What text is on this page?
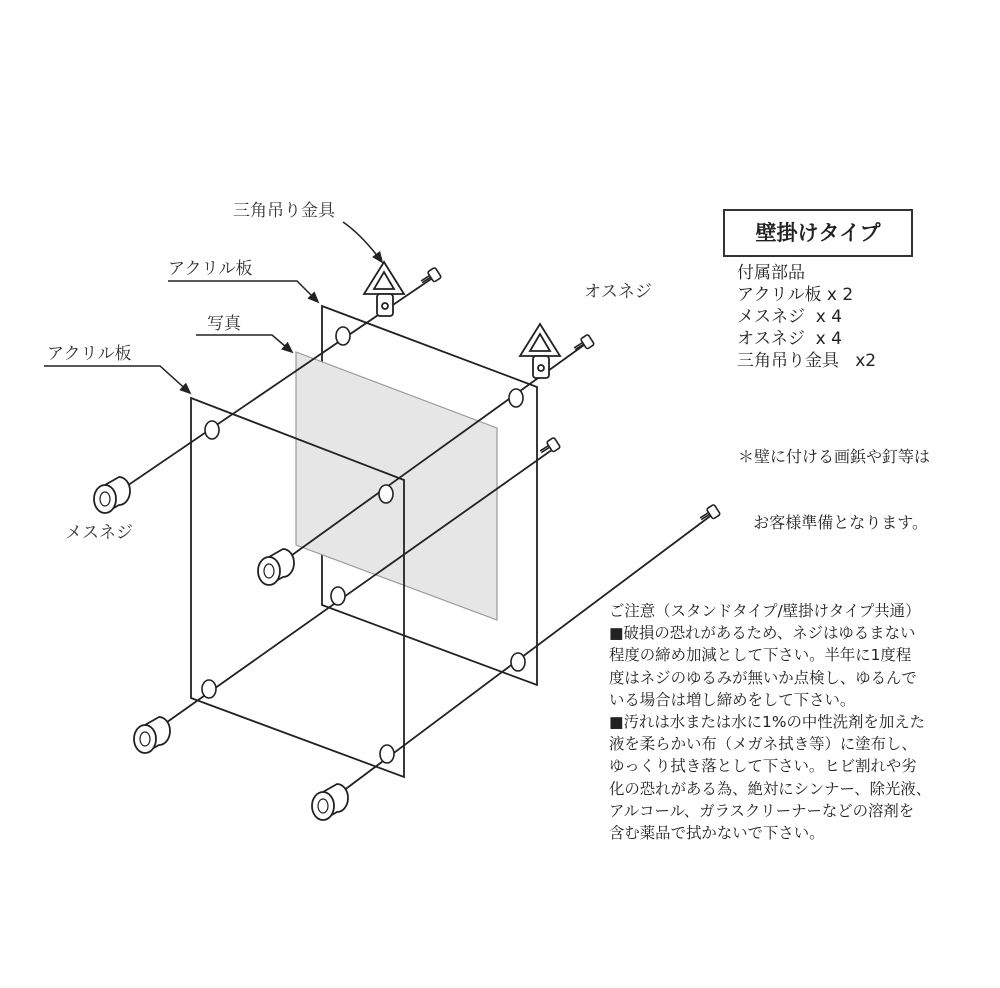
三角吊り金具
アクリル板
写真
アクリル板
オスネジ
メスネジ
壁掛けタイプ
付属部品
アクリル板 x 2
メスネジ  x 4
オスネジ  x 4
三角吊り金具   x2

＊壁に付ける画鋲や釘等は

お客様準備となります。

ご注意（スタンドタイプ/壁掛けタイプ共通）
■破損の恐れがあるため、ネジはゆるまない
程度の締め加減として下さい。半年に1度程
度はネジのゆるみが無いか点検し、ゆるんで
いる場合は増し締めをして下さい。
■汚れは水または水に1%の中性洗剤を加えた
液を柔らかい布（メガネ拭き等）に塗布し、
ゆっくり拭き落として下さい。ヒビ割れや劣
化の恐れがある為、絶対にシンナー、除光液、
アルコール、ガラスクリーナーなどの溶剤を
含む薬品で拭かないで下さい。
